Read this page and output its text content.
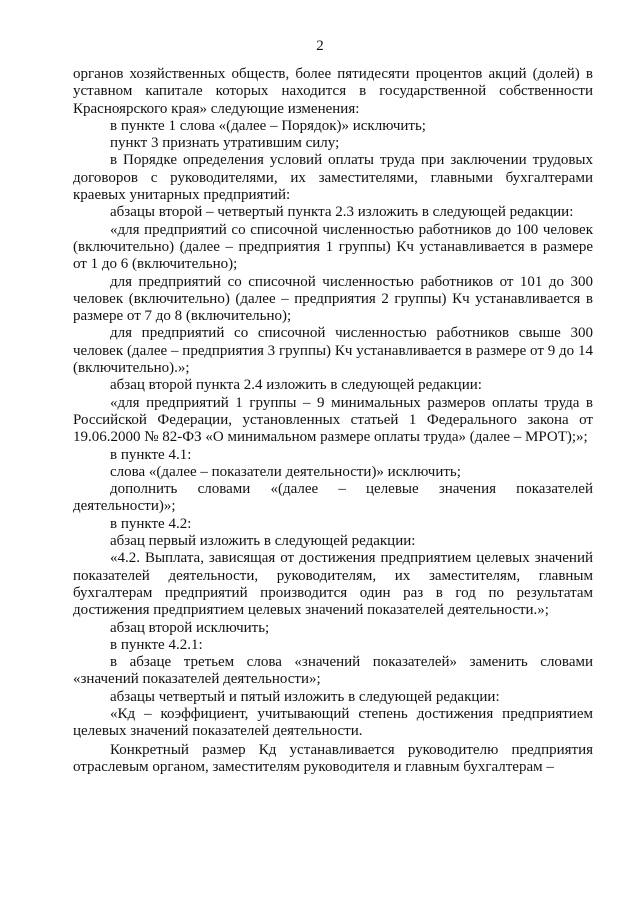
2

органов хозяйственных обществ, более пятидесяти процентов акций (долей) в уставном капитале которых находится в государственной собственности Красноярского края» следующие изменения:

в пункте 1 слова «(далее – Порядок)» исключить;

пункт 3 признать утратившим силу;

в Порядке определения условий оплаты труда при заключении трудовых договоров с руководителями, их заместителями, главными бухгалтерами краевых унитарных предприятий:

абзацы второй – четвертый пункта 2.3 изложить в следующей редакции:

«для предприятий со списочной численностью работников до 100 человек (включительно) (далее – предприятия 1 группы) Кч устанавливается в размере от 1 до 6 (включительно);

для предприятий со списочной численностью работников от 101 до 300 человек (включительно) (далее – предприятия 2 группы) Кч устанавливается в размере от 7 до 8 (включительно);

для предприятий со списочной численностью работников свыше 300 человек (далее – предприятия 3 группы) Кч устанавливается в размере от 9 до 14 (включительно).»;

абзац второй пункта 2.4 изложить в следующей редакции:

«для предприятий 1 группы – 9 минимальных размеров оплаты труда в Российской Федерации, установленных статьей 1 Федерального закона от 19.06.2000 № 82-ФЗ «О минимальном размере оплаты труда» (далее – МРОТ);»;

в пункте 4.1:

слова «(далее – показатели деятельности)» исключить;

дополнить словами «(далее – целевые значения показателей деятельности)»;

в пункте 4.2:

абзац первый изложить в следующей редакции:

«4.2. Выплата, зависящая от достижения предприятием целевых значений показателей деятельности, руководителям, их заместителям, главным бухгалтерам предприятий производится один раз в год по результатам достижения предприятием целевых значений показателей деятельности.»;

абзац второй исключить;

в пункте 4.2.1:

в абзаце третьем слова «значений показателей» заменить словами «значений показателей деятельности»;

абзацы четвертый и пятый изложить в следующей редакции:

«Кд – коэффициент, учитывающий степень достижения предприятием целевых значений показателей деятельности.

Конкретный размер Кд устанавливается руководителю предприятия отраслевым органом, заместителям руководителя и главным бухгалтерам –
